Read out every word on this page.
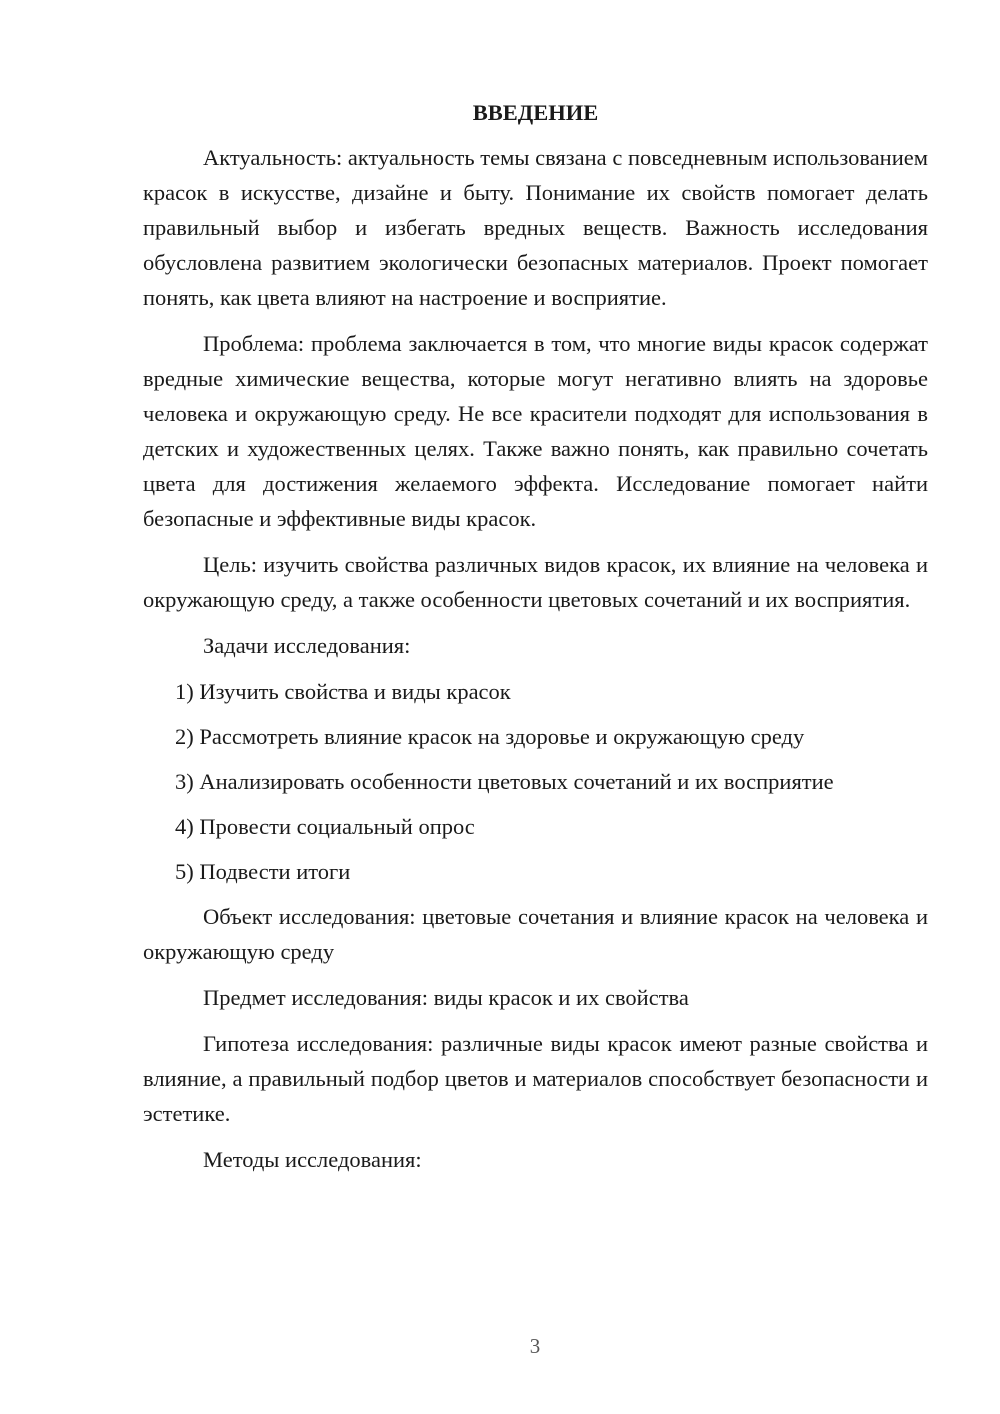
ВВЕДЕНИЕ

Актуальность: актуальность темы связана с повседневным использованием красок в искусстве, дизайне и быту. Понимание их свойств помогает делать правильный выбор и избегать вредных веществ. Важность исследования обусловлена развитием экологически безопасных материалов. Проект помогает понять, как цвета влияют на настроение и восприятие.

Проблема: проблема заключается в том, что многие виды красок содержат вредные химические вещества, которые могут негативно влиять на здоровье человека и окружающую среду. Не все красители подходят для использования в детских и художественных целях. Также важно понять, как правильно сочетать цвета для достижения желаемого эффекта. Исследование помогает найти безопасные и эффективные виды красок.

Цель: изучить свойства различных видов красок, их влияние на человека и окружающую среду, а также особенности цветовых сочетаний и их восприятия.

Задачи исследования:

1) Изучить свойства и виды красок
2) Рассмотреть влияние красок на здоровье и окружающую среду
3) Анализировать особенности цветовых сочетаний и их восприятие
4) Провести социальный опрос
5) Подвести итоги

Объект исследования: цветовые сочетания и влияние красок на человека и окружающую среду

Предмет исследования: виды красок и их свойства

Гипотеза исследования: различные виды красок имеют разные свойства и влияние, а правильный подбор цветов и материалов способствует безопасности и эстетике.

Методы исследования:

3
